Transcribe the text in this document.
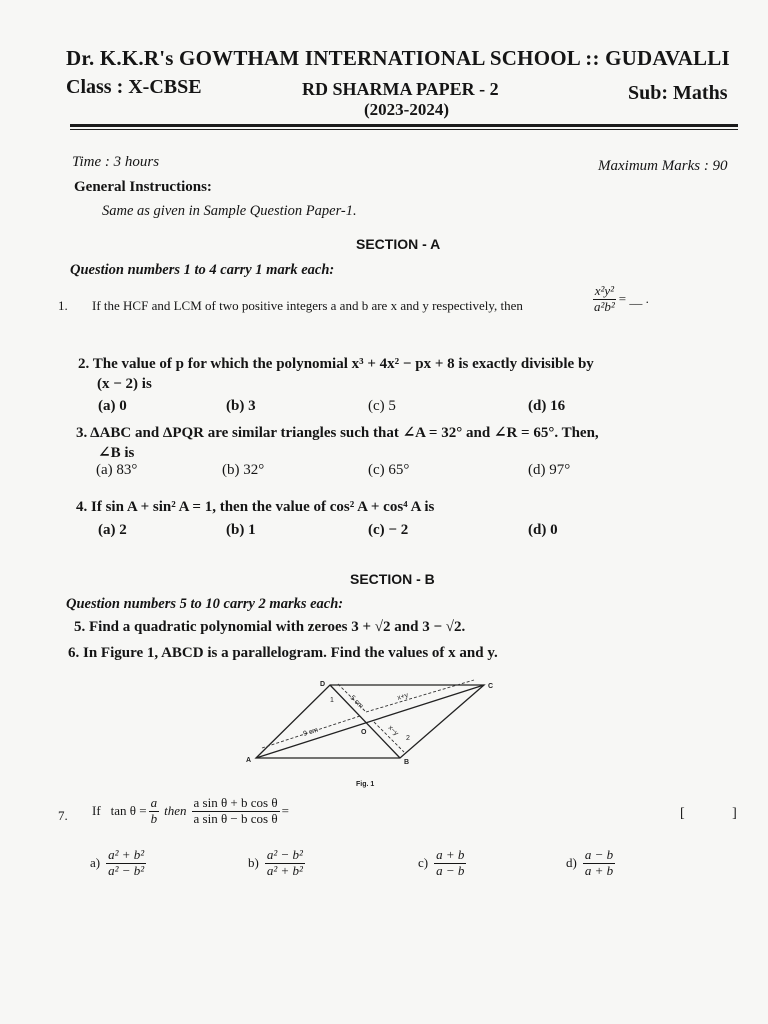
Dr. K.K.R's GOWTHAM INTERNATIONAL SCHOOL :: GUDAVALLI
Class : X-CBSE	RD SHARMA PAPER - 2
(2023-2024)
Sub: Maths
Time : 3 hours	Maximum Marks : 90
General Instructions:
Same as given in Sample Question Paper-1.
SECTION - A
Question numbers 1 to 4 carry 1 mark each:
1. If the HCF and LCM of two positive integers a and b are x and y respectively, then	$\frac{\text{x²y²}}{\text{a²b²}}$ = __ .
2. The value of p for which the polynomial x³ + 4x² − px + 8 is exactly divisible by
(x − 2) is
(a) 0	(b) 3	(c) 5	(d) 16
3. ΔABC and ΔPQR are similar triangles such that ∠A = 32° and ∠R = 65°. Then,
∠B is
(a) 83°	(b) 32°	(c) 65°	(d) 97°
4. If sin A + sin² A = 1, then the value of cos² A + cos⁴ A is
(a) 2	(b) 1	(c) − 2	(d) 0
SECTION - B
Question numbers 5 to 10 carry 2 marks each:
5. Find a quadratic polynomial with zeroes 3 + √2 and 3 − √2.
6. In Figure 1, ABCD is a parallelogram. Find the values of x and y.
A	B
C
D
O
5 cm	x+y
9 cm	x−y
1
2
Fig. 1
7. If $\tan \theta = \frac{a}{b}$ then $\frac{\text{a sin θ + b cos θ}}{\text{a sin θ − b cos θ}}$ =	[ ]
$a) \frac{\text{a² + b²}}{\text{a² − b²}}$	$b) \frac{\text{a² − b²}}{\text{a² + b²}}$	$c) \frac{a + b}{a - b}$	$d) \frac{a - b}{a + b}$
